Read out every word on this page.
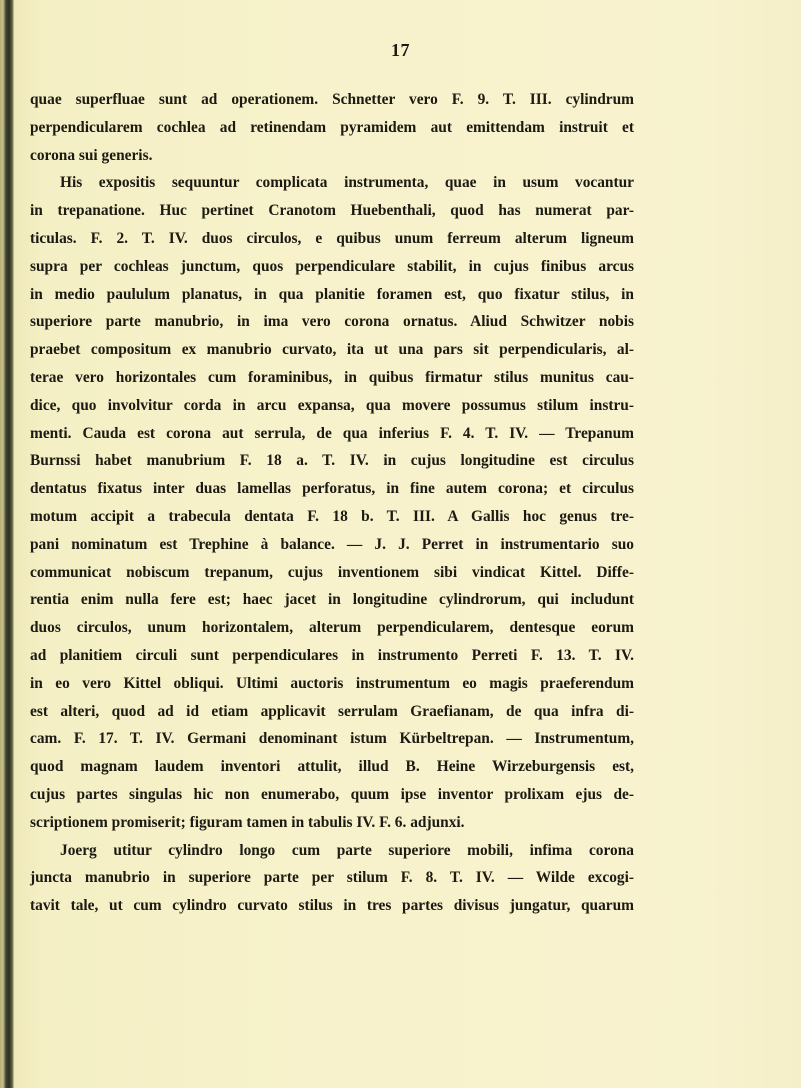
17
quae superfluae sunt ad operationem. Schnetter vero F. 9. T. III. cylindrum
perpendicularem cochlea ad retinendam pyramidem aut emittendam instruit et
corona sui generis.
His expositis sequuntur complicata instrumenta, quae in usum vocantur
in trepanatione. Huc pertinet Cranotom Huebenthali, quod has numerat par-
ticulas. F. 2. T. IV. duos circulos, e quibus unum ferreum alterum ligneum
supra per cochleas junctum, quos perpendiculare stabilit, in cujus finibus arcus
in medio paululum planatus, in qua planitie foramen est, quo fixatur stilus, in
superiore parte manubrio, in ima vero corona ornatus. Aliud Schwitzer nobis
praebet compositum ex manubrio curvato, ita ut una pars sit perpendicularis, al-
terae vero horizontales cum foraminibus, in quibus firmatur stilus munitus cau-
dice, quo involvitur corda in arcu expansa, qua movere possumus stilum instru-
menti. Cauda est corona aut serrula, de qua inferius F. 4. T. IV. — Trepanum
Burnssi habet manubrium F. 18 a. T. IV. in cujus longitudine est circulus
dentatus fixatus inter duas lamellas perforatus, in fine autem corona; et circulus
motum accipit a trabecula dentata F. 18 b. T. III. A Gallis hoc genus tre-
pani nominatum est Trephine à balance. — J. J. Perret in instrumentario suo
communicat nobiscum trepanum, cujus inventionem sibi vindicat Kittel. Diffe-
rentia enim nulla fere est; haec jacet in longitudine cylindrorum, qui includunt
duos circulos, unum horizontalem, alterum perpendicularem, dentesque eorum
ad planitiem circuli sunt perpendiculares in instrumento Perreti F. 13. T. IV.
in eo vero Kittel obliqui. Ultimi auctoris instrumentum eo magis praeferendum
est alteri, quod ad id etiam applicavit serrulam Graefianam, de qua infra di-
cam. F. 17. T. IV. Germani denominant istum Kürbeltrepan. — Instrumentum,
quod magnam laudem inventori attulit, illud B. Heine Wirzeburgensis est,
cujus partes singulas hic non enumerabo, quum ipse inventor prolixam ejus de-
scriptionem promiserit; figuram tamen in tabulis IV. F. 6. adjunxi.
Joerg utitur cylindro longo cum parte superiore mobili, infima corona
juncta manubrio in superiore parte per stilum F. 8. T. IV. — Wilde excogi-
tavit tale, ut cum cylindro curvato stilus in tres partes divisus jungatur, quarum
